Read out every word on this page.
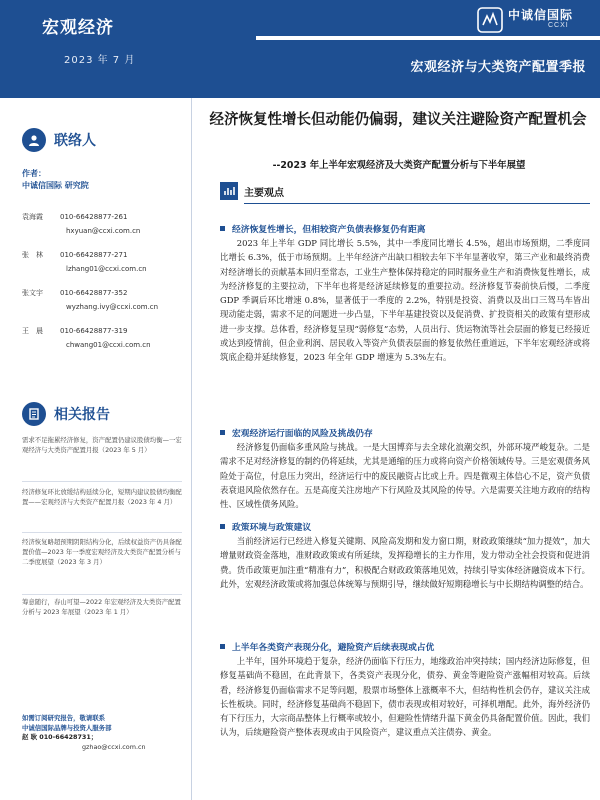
宏观经济
2023 年 7 月
中诚信国际
CCXI
宏观经济与大类资产配置季报
联络人
作者：
中诚信国际 研究院
袁海霞 010-66428877-261
hxyuan@ccxi.com.cn
张　林 010-66428877-271
lzhang01@ccxi.com.cn
张文宇 010-66428877-352
wyzhang.ivy@ccxi.com.cn
王　晨 010-66428877-319
chwang01@ccxi.com.cn
相关报告
需求不足拖累经济修复，资产配置仍建议股债均衡—一宏观经济与大类资产配置月报（2023 年 5 月）
经济修复环比放缓结构延续分化，短期内建议股债均衡配置——宏观经济与大类资产配置月报（2023 年 4 月）
经济恢复略超预期阴阳结构分化，后续权益资产仍具备配置价值—2023 年一季度宏观经济及大类资产配置分析与二季度展望（2023 年 3 月）
筹意随行，春山可望—2022 年宏观经济及大类资产配置分析与 2023 年展望（2023 年 1 月）
如需订阅研究报告，敬请联系
中诚信国际品牌与投资人服务部
赵 耿 010-66428731；
gzhao@ccxi.com.cn
经济恢复性增长但动能仍偏弱，建议关注避险资产配置机会
--2023 年上半年宏观经济及大类资产配置分析与下半年展望
主要观点
经济恢复性增长，但相较资产负债表修复仍有距离
2023 年上半年 GDP 同比增长 5.5%，其中一季度同比增长 4.5%，超出市场预期，二季度同比增长 6.3%，低于市场预期。上半年经济产出缺口相较去年下半年显著收窄，第三产业和最终消费对经济增长的贡献基本回归至常态，工业生产整体保持稳定的同时服务业生产和消费恢复性增长，成为经济修复的主要拉动，下半年也将是经济延续修复的重要拉动。经济修复节奏前快后慢，二季度 GDP 季调后环比增速 0.8%，显著低于一季度的 2.2%，特别是投资、消费以及出口三驾马车皆出现动能走弱，需求不足的问题进一步凸显，下半年基建投资以及促消费、扩投资相关的政策有望形成进一步支撑。总体看，经济修复呈现“弱修复”态势，人员出行、货运物流等社会层面的修复已经接近或达到疫情前，但企业利润、居民收入等资产负债表层面的修复依然任重道远，下半年宏观经济或将筑底企稳并延续修复，2023 年全年 GDP 增速为 5.3%左右。
宏观经济运行面临的风险及挑战仍存
经济修复仍面临多重风险与挑战。一是大国博弈与去全球化浪潮交织，外部环境严峻复杂。二是需求不足对经济修复的制约仍将延续，尤其是通缩的压力或将向资产价格领域传导。三是宏观债务风险处于高位，付息压力突出，经济运行中的废民融资占比或上升。四是微观主体信心不足，资产负债表衰退风险依然存在。五是高度关注房地产下行风险及其风险的传导。六是需要关注地方政府的结构性、区域性债务风险。
政策环境与政策建议
当前经济运行已经进入修复关键期、风险高发期和发力窗口期，财政政策继续“加力提效”，加大增量财政资金落地，准财政政策或有所延续，发挥稳增长的主力作用，发力带动全社会投资和促进消费。货币政策更加注重“精准有力”，积极配合财政政策落地见效，持续引导实体经济融资成本下行。此外，宏观经济政策或将加强总体统筹与预期引导，继续做好短期稳增长与中长期结构调整的结合。
上半年各类资产表现分化，避险资产后续表现或占优
上半年，国外环境趋于复杂，经济仍面临下行压力，地缘政治冲突持续；国内经济边际修复，但修复基础尚不稳固，在此背景下，各类资产表现分化，债券、黄金等避险资产涨幅相对较高。后续看，经济修复仍面临需求不足等问题，股票市场整体上涨概率不大，但结构性机会仍存，建议关注成长性板块。同时，经济修复基础尚不稳固下，债市表现或相对较好，可择机增配。此外，海外经济仍有下行压力，大宗商品整体上行概率或较小，但避险性情绪升温下黄金仍具备配置价值。因此，我们认为，后续避险资产整体表现或由于风险资产，建议重点关注债券、黄金。
